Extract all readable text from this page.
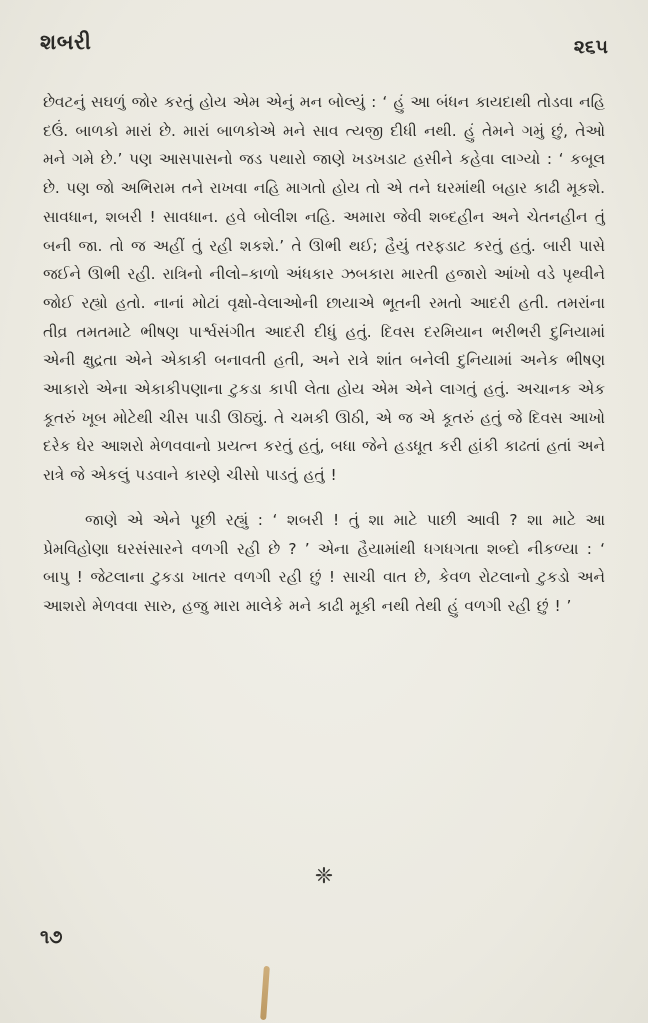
શબરી	૨૬૫

છેવટનું સઘળું જોર કરતું હોય એમ એનું મન બોલ્યું : ‘ હું આ બંધન કાયદાથી તોડવા નહિ દઉં. બાળકો મારાં છે. મારાં બાળકોએ મને સાવ ત્યજી દીધી નથી. હું તેમને ગમું છું, તેઓ મને ગમે છે.’ પણ આસપાસનો જડ પથારો જાણે ખડખડાટ હસીને કહેવા લાગ્યો : ‘ કબૂલ છે. પણ જો અભિરામ તને રાખવા નહિ માગતો હોય તો એ તને ઘરમાંથી બહાર કાઢી મૂકશે. સાવધાન, શબરી ! સાવધાન. હવે બોલીશ નહિ. અમારા જેવી શબ્દહીન અને ચેતનહીન તું બની જા. તો જ અહીં તું રહી શકશે.’ તે ઊભી થઈ; હૈયું તરફડાટ કરતું હતું. બારી પાસે જઈને ઊભી રહી. રાત્રિનો નીલો–કાળો અંધકાર ઝબકારા મારતી હજારો આંખો વડે પૃથ્વીને જોઈ રહ્યો હતો. નાનાં મોટાં વૃક્ષો-વેલાઓની છાયાએ ભૂતની રમતો આદરી હતી. તમરાંના તીવ્ર તમતમાટે ભીષણ પાર્શ્વસંગીત આદરી દીધું હતું. દિવસ દરમિયાન ભરીભરી દુનિયામાં એની ક્ષુદ્રતા એને એકાકી બનાવતી હતી, અને રાત્રે શાંત બનેલી દુનિયામાં અનેક ભીષણ આકારો એના એકાકીપણાના ટુકડા કાપી લેતા હોય એમ એને લાગતું હતું. અચાનક એક કૂતરું ખૂબ મોટેથી ચીસ પાડી ઊઠ્યું. તે ચમકી ઊઠી, એ જ એ કૂતરું હતું જે દિવસ આખો દરેક ઘેર આશરો મેળવવાનો પ્રયત્ન કરતું હતું, બધા જેને હડધૂત કરી હાંકી કાઢતાં હતાં અને રાત્રે જે એકલું પડવાને કારણે ચીસો પાડતું હતું !

જાણે એ એને પૂછી રહ્યું : ‘ શબરી ! તું શા માટે પાછી આવી ? શા માટે આ પ્રેમવિહોણા ઘરસંસારને વળગી રહી છે ? ’ એના હૈયામાંથી ધગધગતા શબ્દો નીકળ્યા : ‘ બાપુ ! જેટલાના ટુકડા ખાતર વળગી રહી છું ! સાચી વાત છે, કેવળ રોટલાનો ટુકડો અને આશરો મેળવવા સારુ, હજુ મારા માલેકે મને કાઢી મૂકી નથી તેથી હું વળગી રહી છું ! ’

❈
૧૭
